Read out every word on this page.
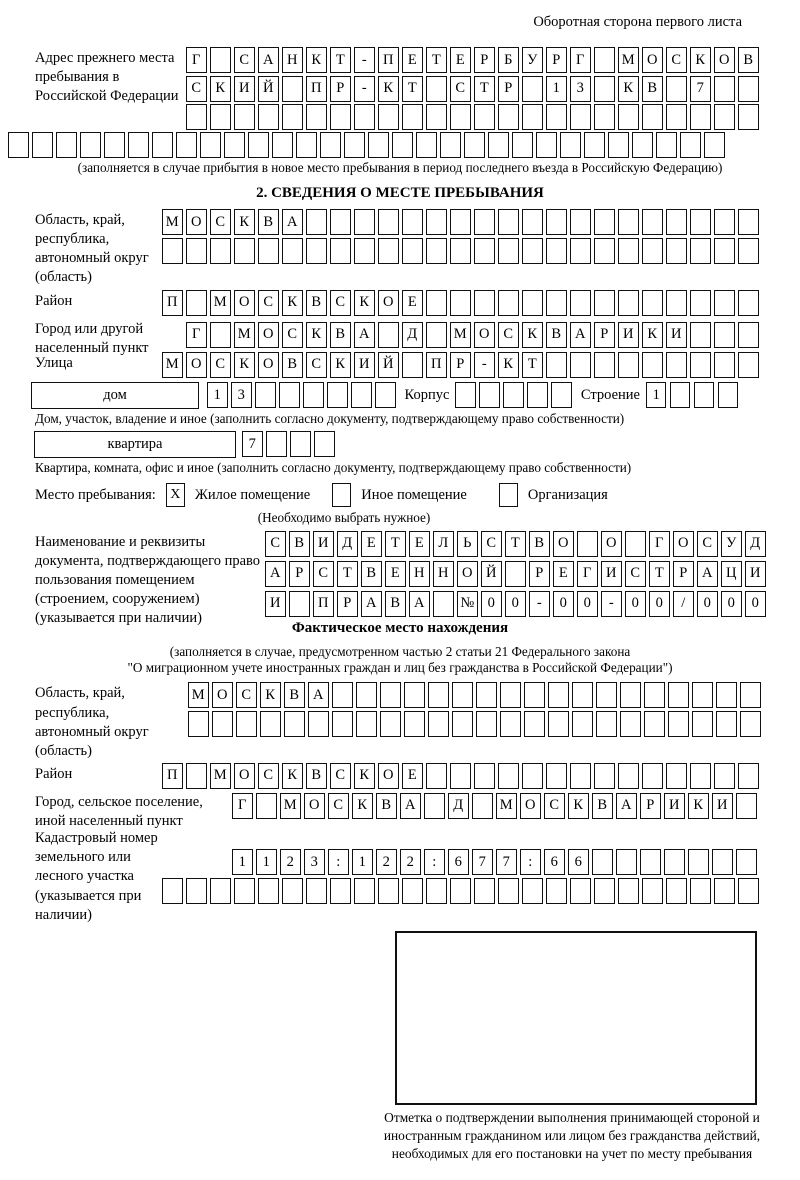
Оборотная сторона первого листа
Адрес прежнего места пребывания в Российской Федерации
Г	С А Н К	Т	-	П Е	Т	Е	Р	Б	У	Р	Г	М О С К О В
С К И Й	П	Р	-	К	Т	С	Т	Р	1	3	К В	7
(заполняется в случае прибытия в новое место пребывания в период последнего въезда в Российскую Федерацию)
2. СВЕДЕНИЯ О МЕСТЕ ПРЕБЫВАНИЯ
Область, край, республика, автономный округ (область)
М О С К В А
Район	П	М О С К В С К О Е
Город или другой населенный пункт
Г	М О С К В А	Д	М О С К В А	Р	И К И
Улица	М О С К О В С К И Й	П	Р	-	К	Т
дом	1	3	Корпус	Строение 1
Дом, участок, владение и иное (заполнить согласно документу, подтверждающему право собственности)
квартира	7
Квартира, комната, офис и иное (заполнить согласно документу, подтверждающему право собственности)
Место пребывания:	X Жилое помещение	Иное помещение	Организация
(Необходимо выбрать нужное)
Наименование и реквизиты документа, подтверждающего право пользования помещением (строением, сооружением) (указывается при наличии)
С В И Д	Е	Т	Е	Л	Ь	С	Т	В О	О	Г	О С У Д
А	Р	С	Т	В	Е Н Н О Й	Р	Е	Г	И С	Т	Р	А Ц И
И	П	Р	А В А	№ 0	0	-	0	0	-	0	0	/	0	0	0
Фактическое место нахождения
(заполняется в случае, предусмотренном частью 2 статьи 21 Федерального закона
"О миграционном учете иностранных граждан и лиц без гражданства в Российской Федерации")
Область, край, республика, автономный округ (область)
М О С К В А
Район	П	М О С К В С К О Е
Город, сельское поселение, иной населенный пункт
Г	М О С К В А	Д	М О С К В А	Р	И К И
Кадастровый номер земельного или лесного участка (указывается при наличии)
1	1	2	3	:	1	2	2	:	6	7	7	:	6	6
Отметка о подтверждении выполнения принимающей стороной и иностранным гражданином или лицом без гражданства действий, необходимых для его постановки на учет по месту пребывания
